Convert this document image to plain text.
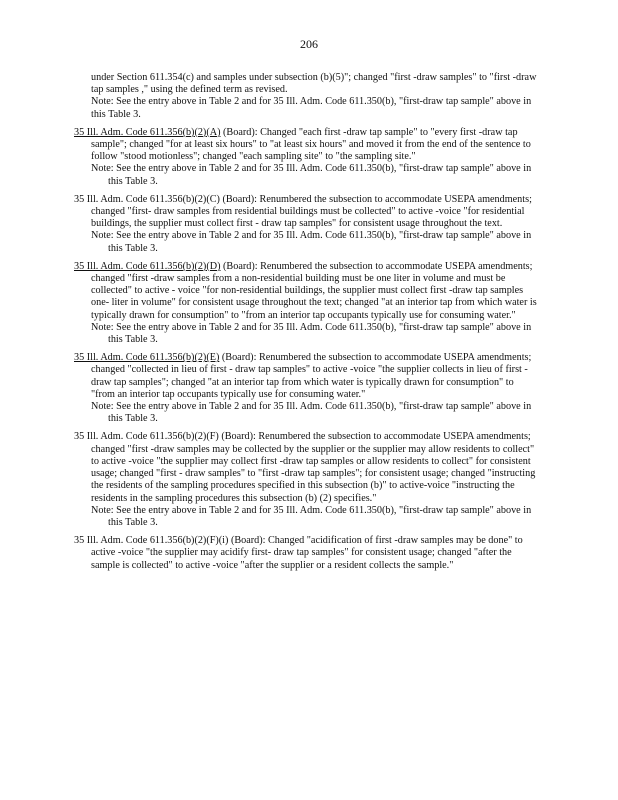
206

under Section 611.354(c) and samples under subsection (b)(5)"; changed "first -draw samples" to "first -draw tap samples ," using the defined term as revised.

Note: See the entry above in Table 2 and for 35 Ill. Adm. Code 611.350(b), "first-draw tap sample" above in this Table 3.

35 Ill. Adm. Code 611.356(b)(2)(A) (Board): Changed "each first -draw tap sample" to "every first -draw tap sample"; changed "for at least six hours" to "at least six hours" and moved it from the end of the sentence to follow "stood motionless"; changed "each sampling site" to "the sampling site."

Note: See the entry above in Table 2 and for 35 Ill. Adm. Code 611.350(b), "first-draw tap sample" above in this Table 3.

35 Ill. Adm. Code 611.356(b)(2)(C) (Board): Renumbered the subsection to accommodate USEPA amendments; changed "first- draw samples from residential buildings must be collected" to active -voice "for residential buildings, the supplier must collect first - draw tap samples" for consistent usage throughout the text.

Note: See the entry above in Table 2 and for 35 Ill. Adm. Code 611.350(b), "first-draw tap sample" above in this Table 3.

35 Ill. Adm. Code 611.356(b)(2)(D) (Board): Renumbered the subsection to accommodate USEPA amendments; changed "first -draw samples from a non-residential building must be one liter in volume and must be collected" to active - voice "for non-residential buildings, the supplier must collect first -draw tap samples one- liter in volume" for consistent usage throughout the text; changed "at an interior tap from which water is typically drawn for consumption" to "from an interior tap occupants typically use for consuming water."

Note: See the entry above in Table 2 and for 35 Ill. Adm. Code 611.350(b), "first-draw tap sample" above in this Table 3.

35 Ill. Adm. Code 611.356(b)(2)(E) (Board): Renumbered the subsection to accommodate USEPA amendments; changed "collected in lieu of first - draw tap samples" to active -voice "the supplier collects in lieu of first - draw tap samples"; changed "at an interior tap from which water is typically drawn for consumption" to "from an interior tap occupants typically use for consuming water."

Note: See the entry above in Table 2 and for 35 Ill. Adm. Code 611.350(b), "first-draw tap sample" above in this Table 3.

35 Ill. Adm. Code 611.356(b)(2)(F) (Board): Renumbered the subsection to accommodate USEPA amendments; changed "first -draw samples may be collected by the supplier or the supplier may allow residents to collect" to active -voice "the supplier may collect first -draw tap samples or allow residents to collect" for consistent usage; changed "first - draw samples" to "first -draw tap samples"; for consistent usage; changed "instructing the residents of the sampling procedures specified in this subsection (b)" to active-voice "instructing the residents in the sampling procedures this subsection (b) (2) specifies."

Note: See the entry above in Table 2 and for 35 Ill. Adm. Code 611.350(b), "first-draw tap sample" above in this Table 3.

35 Ill. Adm. Code 611.356(b)(2)(F)(i) (Board): Changed "acidification of first -draw samples may be done" to active -voice "the supplier may acidify first- draw tap samples" for consistent usage; changed "after the sample is collected" to active -voice "after the supplier or a resident collects the sample."
